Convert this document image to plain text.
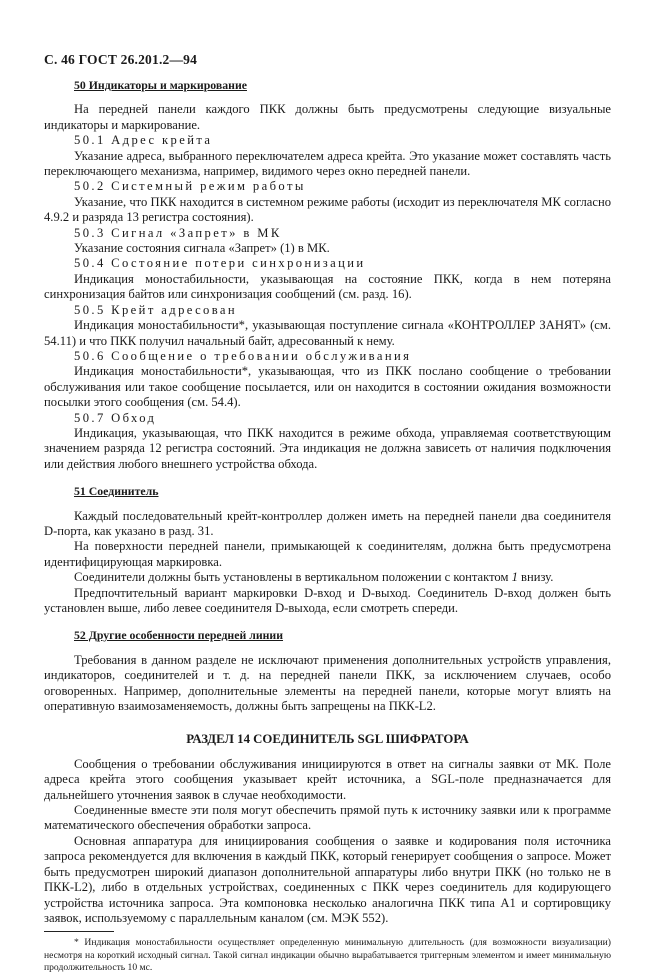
С. 46 ГОСТ 26.201.2—94

50 Индикаторы и маркирование

На передней панели каждого ПКК должны быть предусмотрены следующие визуальные индикаторы и маркирование.

50.1 Адрес крейта

Указание адреса, выбранного переключателем адреса крейта. Это указание может составлять часть переключающего механизма, например, видимого через окно передней панели.

50.2 Системный режим работы

Указание, что ПКК находится в системном режиме работы (исходит из переключателя МК согласно 4.9.2 и разряда 13 регистра состояния).

50.3 Сигнал «Запрет» в МК

Указание состояния сигнала «Запрет» (1) в МК.

50.4 Состояние потери синхронизации

Индикация моностабильности, указывающая на состояние ПКК, когда в нем потеряна синхронизация байтов или синхронизация сообщений (см. разд. 16).

50.5 Крейт адресован

Индикация моностабильности*, указывающая поступление сигнала «КОНТРОЛЛЕР ЗАНЯТ» (см. 54.11) и что ПКК получил начальный байт, адресованный к нему.

50.6 Сообщение о требовании обслуживания

Индикация моностабильности*, указывающая, что из ПКК послано сообщение о требовании обслуживания или такое сообщение посылается, или он находится в состоянии ожидания возможности посылки этого сообщения (см. 54.4).

50.7 Обход

Индикация, указывающая, что ПКК находится в режиме обхода, управляемая соответствующим значением разряда 12 регистра состояний. Эта индикация не должна зависеть от наличия подключения или действия любого внешнего устройства обхода.

51 Соединитель

Каждый последовательный крейт-контроллер должен иметь на передней панели два соединителя D-порта, как указано в разд. 31.

На поверхности передней панели, примыкающей к соединителям, должна быть предусмотрена идентифицирующая маркировка.

Соединители должны быть установлены в вертикальном положении с контактом 1 внизу.

Предпочтительный вариант маркировки D-вход и D-выход. Соединитель D-вход должен быть установлен выше, либо левее соединителя D-выхода, если смотреть спереди.

52 Другие особенности передней линии

Требования в данном разделе не исключают применения дополнительных устройств управления, индикаторов, соединителей и т. д. на передней панели ПКК, за исключением случаев, особо оговоренных. Например, дополнительные элементы на передней панели, которые могут влиять на оперативную взаимозаменяемость, должны быть запрещены на ПКК-L2.

РАЗДЕЛ 14 СОЕДИНИТЕЛЬ SGL ШИФРАТОРА

Сообщения о требовании обслуживания инициируются в ответ на сигналы заявки от МК. Поле адреса крейта этого сообщения указывает крейт источника, а SGL-поле предназначается для дальнейшего уточнения заявок в случае необходимости.

Соединенные вместе эти поля могут обеспечить прямой путь к источнику заявки или к программе математического обеспечения обработки запроса.

Основная аппаратура для инициирования сообщения о заявке и кодирования поля источника запроса рекомендуется для включения в каждый ПКК, который генерирует сообщения о запросе. Может быть предусмотрен широкий диапазон дополнительной аппаратуры либо внутри ПКК (но только не в ПКК-L2), либо в отдельных устройствах, соединенных с ПКК через соединитель для кодирующего устройства источника запроса. Эта компоновка несколько аналогична ПКК типа A1 и сортировщику заявок, используемому с параллельным каналом (см. МЭК 552).

* Индикация моностабильности осуществляет определенную минимальную длительность (для возможности визуализации) несмотря на короткий исходный сигнал. Такой сигнал индикации обычно вырабатывается триггерным элементом и имеет минимальную продолжительность 10 мс.
